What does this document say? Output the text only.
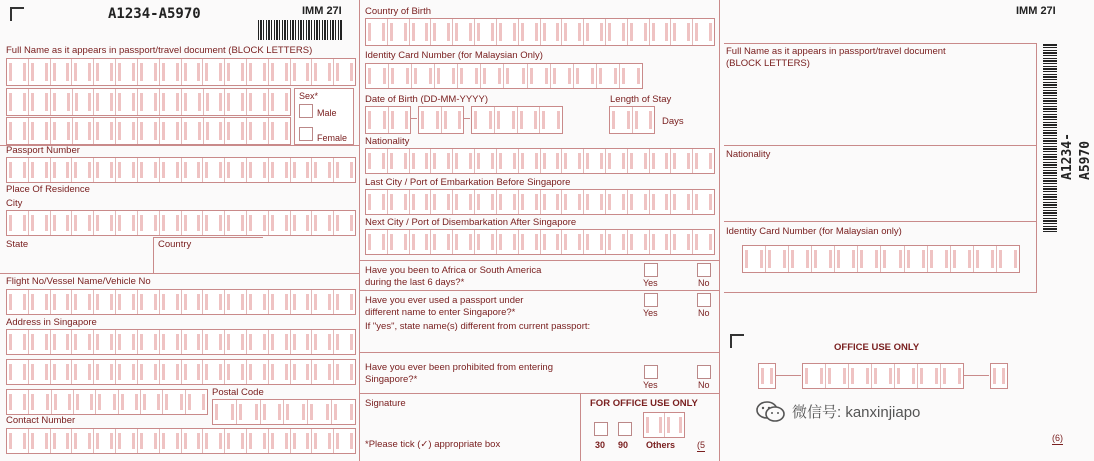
A1234-A5970	IMM 27I
Full Name as it appears in passport/travel document (BLOCK LETTERS)
Sex*
Male
Female
Passport Number
Place Of Residence
City
State	Country
Flight No/Vessel Name/Vehicle No
Address in Singapore
Postal Code
Contact Number
Country of Birth
Identity Card Number (for Malaysian Only)
Date of Birth (DD-MM-YYYY)	Length of Stay
Days
Nationality
Last City / Port of Embarkation Before Singapore
Next City / Port of Disembarkation After Singapore
Have you been to Africa or South America
during the last 6 days?*	Yes	No
Have you ever used a passport under
different name to enter Singapore?*
If "yes", state name(s) different from current passport:
Yes	No
Have you ever been prohibited from entering
Singapore?*	Yes	No
Signature
*Please tick (✓) appropriate box
FOR OFFICE USE ONLY
30 90 Others (5
IMM 27I
Full Name as it appears in passport/travel document
(BLOCK LETTERS)
A1234-A5970
Nationality
Identity Card Number (for Malaysian only)
OFFICE USE ONLY
(6)
微信号: kanxinjiapo
